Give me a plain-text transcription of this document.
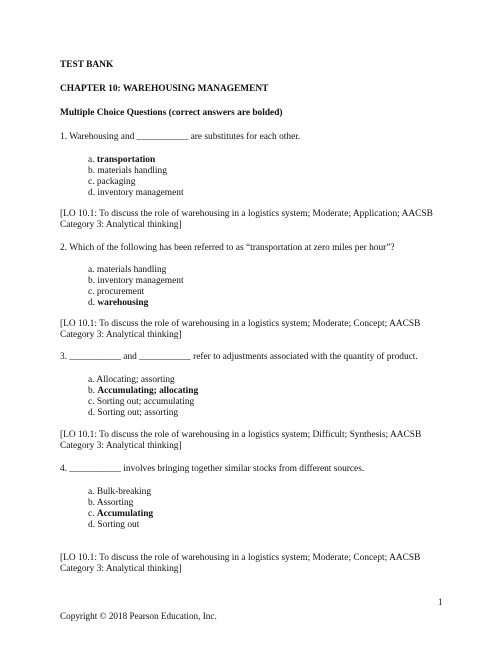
TEST BANK
CHAPTER 10: WAREHOUSING MANAGEMENT
Multiple Choice Questions (correct answers are bolded)
1. Warehousing and ___________ are substitutes for each other.
a. transportation
b. materials handling
c. packaging
d. inventory management
[LO 10.1: To discuss the role of warehousing in a logistics system; Moderate; Application; AACSB Category 3: Analytical thinking]
2. Which of the following has been referred to as “transportation at zero miles per hour”?
a. materials handling
b. inventory management
c. procurement
d. warehousing
[LO 10.1: To discuss the role of warehousing in a logistics system; Moderate; Concept; AACSB Category 3: Analytical thinking]
3. ___________ and ___________ refer to adjustments associated with the quantity of product.
a. Allocating; assorting
b. Accumulating; allocating
c. Sorting out; accumulating
d. Sorting out; assorting
[LO 10.1: To discuss the role of warehousing in a logistics system; Difficult; Synthesis; AACSB Category 3: Analytical thinking]
4. ___________ involves bringing together similar stocks from different sources.
a. Bulk-breaking
b. Assorting
c. Accumulating
d. Sorting out
[LO 10.1: To discuss the role of warehousing in a logistics system; Moderate; Concept; AACSB Category 3: Analytical thinking]
1
Copyright © 2018 Pearson Education, Inc.
